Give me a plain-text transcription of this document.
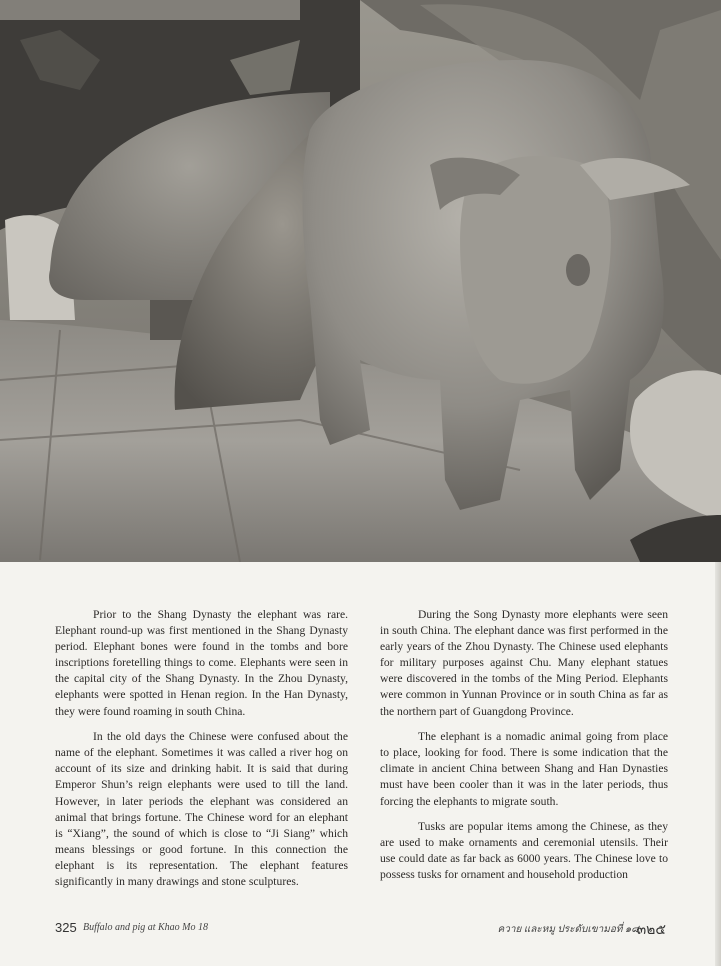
Prior to the Shang Dynasty the elephant was rare. Elephant round-up was first mentioned in the Shang Dynasty period. Elephant bones were found in the tombs and bore inscriptions foretelling things to come. Elephants were seen in the capital city of the Shang Dynasty. In the Zhou Dynasty, elephants were spotted in Henan region. In the Han Dynasty, they were found roaming in south China.

In the old days the Chinese were confused about the name of the elephant. Sometimes it was called a river hog on account of its size and drinking habit. It is said that during Emperor Shun’s reign elephants were used to till the land. However, in later periods the elephant was considered an animal that brings fortune. The Chinese word for an elephant is “Xiang”, the sound of which is close to “Ji Siang” which means blessings or good fortune. In this connection the elephant is its representation. The elephant features significantly in many drawings and stone sculptures.

During the Song Dynasty more elephants were seen in south China. The elephant dance was first performed in the early years of the Zhou Dynasty. The Chinese used elephants for military purposes against Chu. Many elephant statues were discovered in the tombs of the Ming Period. Elephants were common in Yunnan Province or in south China as far as the northern part of Guangdong Province.

The elephant is a nomadic animal going from place to place, looking for food. There is some indication that the climate in ancient China between Shang and Han Dynasties must have been cooler than it was in the later periods, thus forcing the elephants to migrate south.

Tusks are popular items among the Chinese, as they are used to make ornaments and ceremonial utensils. Their use could date as far back as 6000 years. The Chinese love to possess tusks for ornament and household production

325 Buffalo and pig at Khao Mo 18	ควาย และหมู ประดับเขามอที่ ๑๘
๓๒๕
